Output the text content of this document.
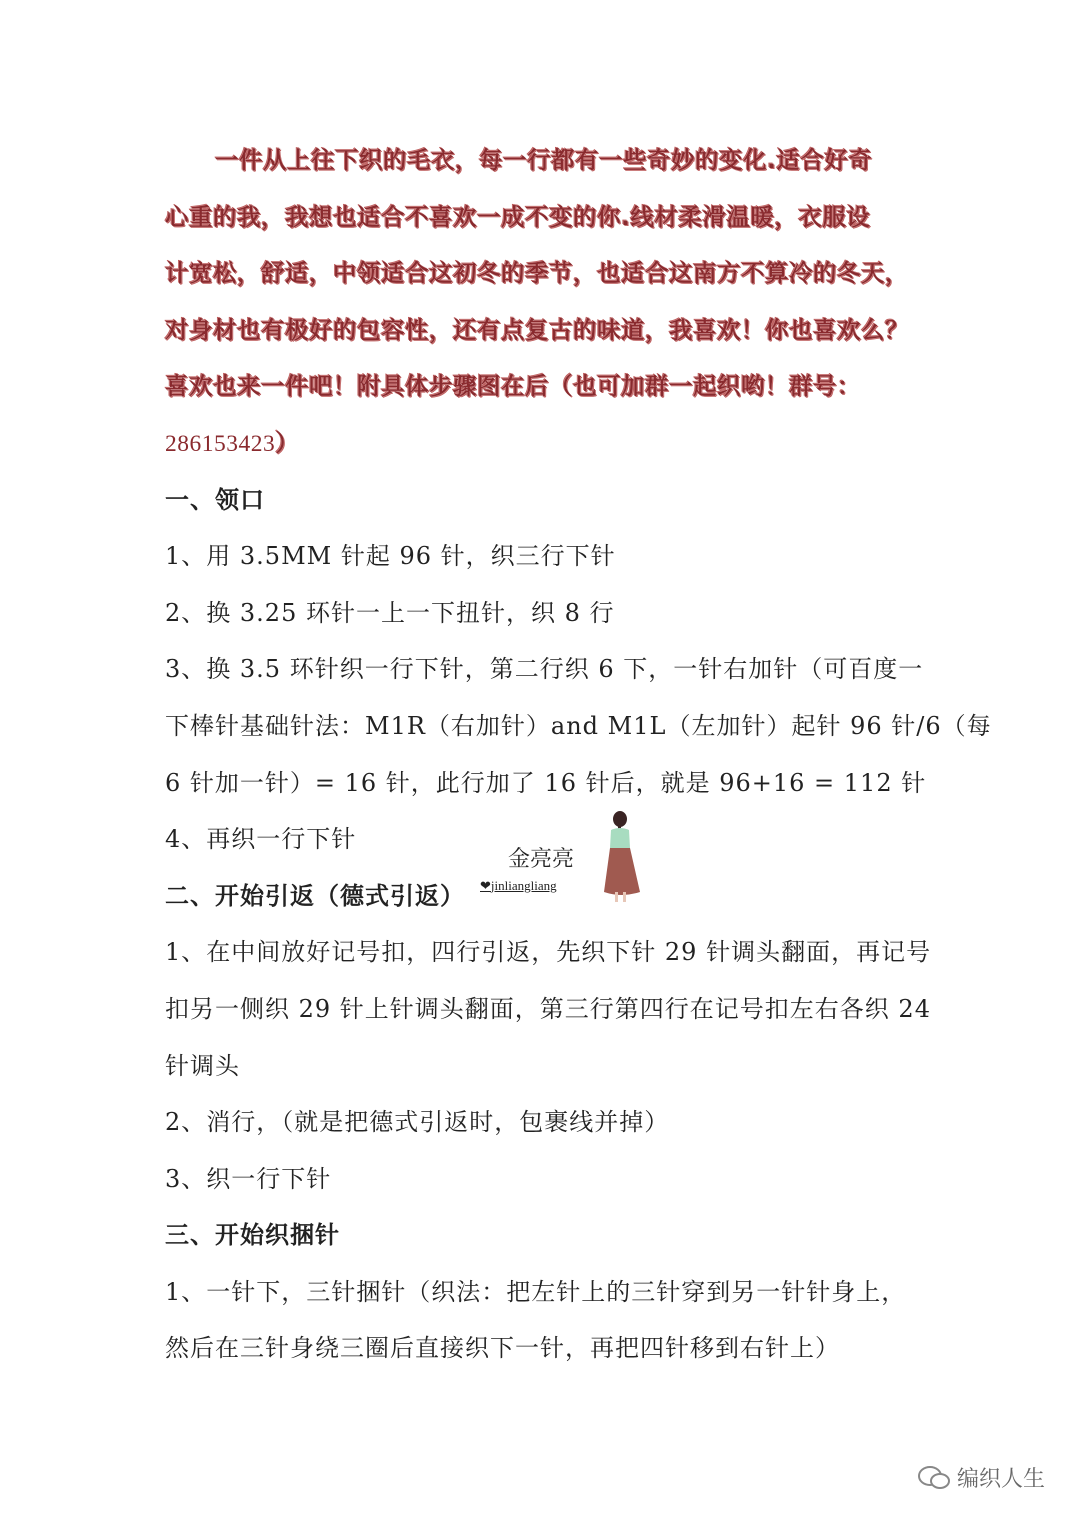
一件从上往下织的毛衣，每一行都有一些奇妙的变化.适合好奇
心重的我，我想也适合不喜欢一成不变的你.线材柔滑温暖，衣服设
计宽松，舒适，中领适合这初冬的季节，也适合这南方不算冷的冬天，
对身材也有极好的包容性，还有点复古的味道，我喜欢！你也喜欢么？
喜欢也来一件吧！附具体步骤图在后（也可加群一起织哟！群号：
286153423）
一、领口
1、用 3.5MM 针起 96 针，织三行下针
2、换 3.25 环针一上一下扭针，织 8 行
3、换 3.5 环针织一行下针，第二行织 6 下，一针右加针（可百度一
下棒针基础针法：M1R（右加针）and M1L（左加针）起针 96 针/6（每
6 针加一针）= 16 针，此行加了 16 针后，就是 96+16 = 112 针
4、再织一行下针
二、开始引返（德式引返）
1、在中间放好记号扣，四行引返，先织下针 29 针调头翻面，再记号
扣另一侧织 29 针上针调头翻面，第三行第四行在记号扣左右各织 24
针调头
2、消行，（就是把德式引返时，包裹线并掉）
3、织一行下针
三、开始织捆针
1、一针下，三针捆针（织法：把左针上的三针穿到另一针针身上，
然后在三针身绕三圈后直接织下一针，再把四针移到右针上）
金亮亮
❤jinliangliang
编织人生
